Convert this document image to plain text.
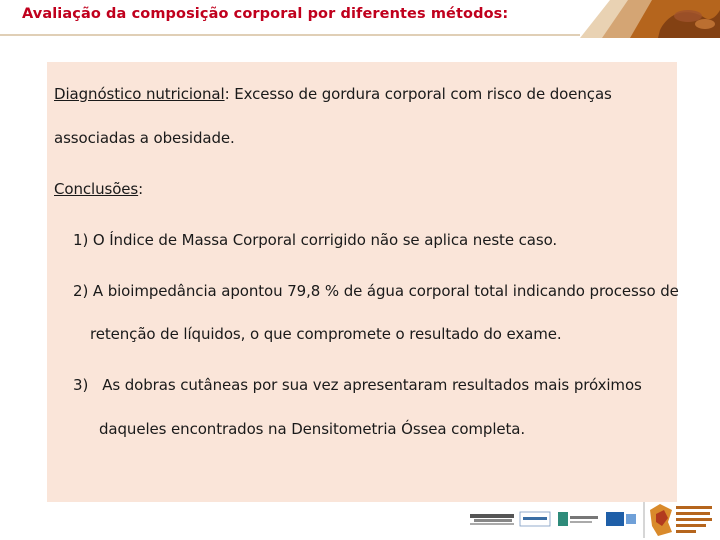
Avaliação da composição corporal por diferentes métodos:
Diagnóstico nutricional: Excesso de gordura corporal com risco de doenças
associadas a obesidade.
Conclusões:
1) O Índice de Massa Corporal corrigido não se aplica neste caso.
2) A bioimpedância apontou 79,8 % de água corporal total indicando processo de
retenção de líquidos, o que compromete o resultado do exame.
3)   As dobras cutâneas por sua vez apresentaram resultados mais próximos
daqueles encontrados na Densitometria Óssea completa.
